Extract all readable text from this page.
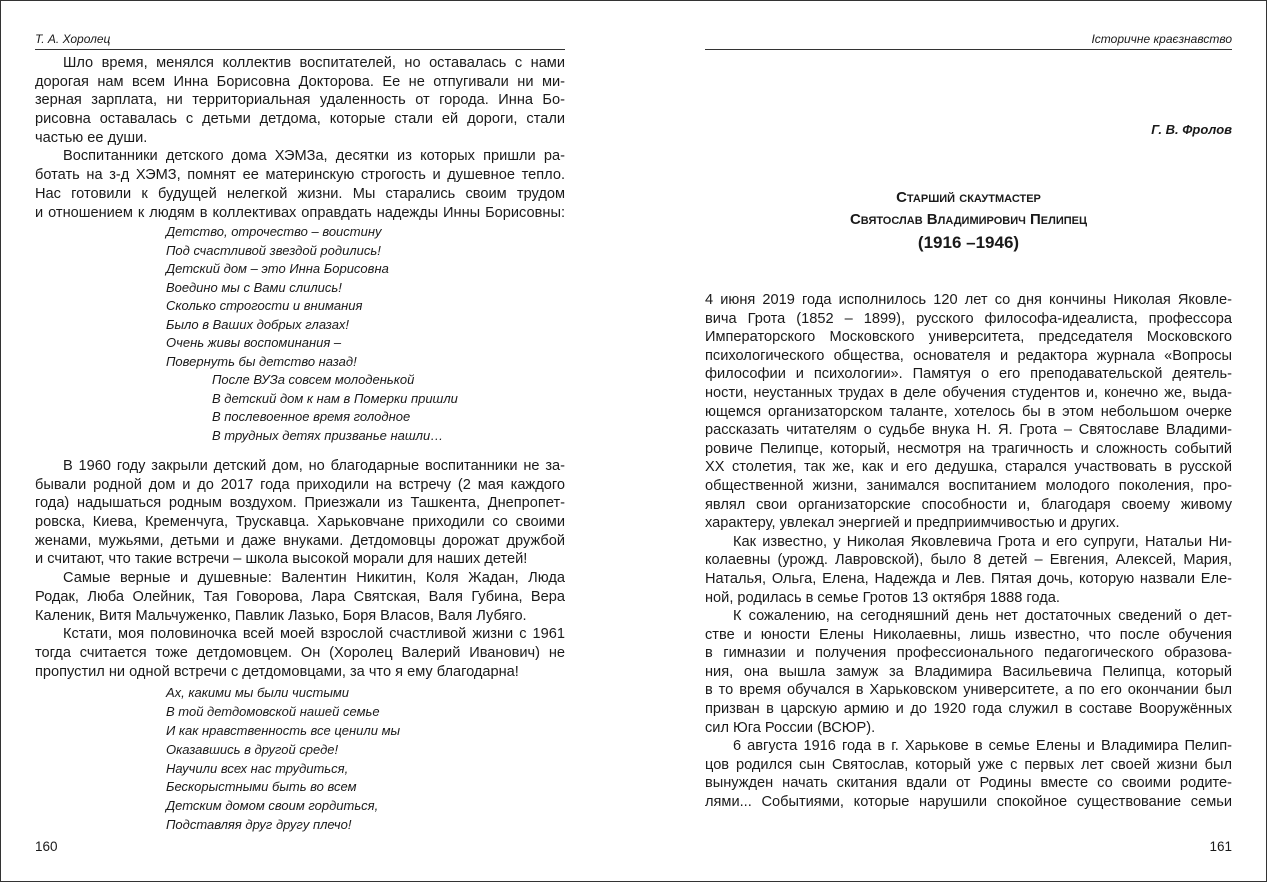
Т. А. Хоролец
Шло время, менялся коллектив воспитателей, но оставалась с нами
дорогая нам всем Инна Борисовна Докторова. Ее не отпугивали ни ми-
зерная зарплата, ни территориальная удаленность от города. Инна Бо-
рисовна оставалась с детьми детдома, которые стали ей дороги, стали
частью ее души.
Воспитанники детского дома ХЭМЗа, десятки из которых пришли ра-
ботать на з-д ХЭМЗ, помнят ее материнскую строгость и душевное тепло.
Нас готовили к будущей нелегкой жизни. Мы старались своим трудом
и отношением к людям в коллективах оправдать надежды Инны Борисовны:
Детство, отрочество – воистину
Под счастливой звездой родились!
Детский дом – это Инна Борисовна
Воедино мы с Вами слились!
Сколько строгости и внимания
Было в Ваших добрых глазах!
Очень живы воспоминания –
Повернуть бы детство назад!
После ВУЗа совсем молоденькой
В детский дом к нам в Померки пришли
В послевоенное время голодное
В трудных детях призванье нашли…
В 1960 году закрыли детский дом, но благодарные воспитанники не за-
бывали родной дом и до 2017 года приходили на встречу (2 мая каждого
года) надышаться родным воздухом. Приезжали из Ташкента, Днепропет-
ровска, Киева, Кременчуга, Трускавца. Харьковчане приходили со своими
женами, мужьями, детьми и даже внуками. Детдомовцы дорожат дружбой
и считают, что такие встречи – школа высокой морали для наших детей!
Самые верные и душевные: Валентин Никитин, Коля Жадан, Люда
Родак, Люба Олейник, Тая Говорова, Лара Святская, Валя Губина, Вера
Каленик, Витя Мальчуженко, Павлик Лазько, Боря Власов, Валя Лубяго.
Кстати, моя половиночка всей моей взрослой счастливой жизни с 1961
тогда считается тоже детдомовцем. Он (Хоролец Валерий Иванович) не
пропустил ни одной встречи с детдомовцами, за что я ему благодарна!
Ах, какими мы были чистыми
В той детдомовской нашей семье
И как нравственность все ценили мы
Оказавшись в другой среде!
Научили всех нас трудиться,
Бескорыстными быть во всем
Детским домом своим гордиться,
Подставляя друг другу плечо!
160
Історичне краєзнавство
Г. В. Фролов
Старший скаутмастер
Святослав Владимирович Пелипец
(1916 –1946)
4 июня 2019 года исполнилось 120 лет со дня кончины Николая Яковле-
вича Грота (1852 – 1899), русского философа-идеалиста, профессора
Императорского Московского университета, председателя Московского
психологического общества, основателя и редактора журнала «Вопросы
философии и психологии». Памятуя о его преподавательской деятель-
ности, неустанных трудах в деле обучения студентов и, конечно же, выда-
ющемся организаторском таланте, хотелось бы в этом небольшом очерке
рассказать читателям о судьбе внука Н. Я. Грота – Святославе Владими-
ровиче Пелипце, который, несмотря на трагичность и сложность событий
XX столетия, так же, как и его дедушка, старался участвовать в русской
общественной жизни, занимался воспитанием молодого поколения, про-
являл свои организаторские способности и, благодаря своему живому
характеру, увлекал энергией и предприимчивостью и других.
Как известно, у Николая Яковлевича Грота и его супруги, Натальи Ни-
колаевны (урожд. Лавровской), было 8 детей – Евгения, Алексей, Мария,
Наталья, Ольга, Елена, Надежда и Лев. Пятая дочь, которую назвали Еле-
ной, родилась в семье Гротов 13 октября 1888 года.
К сожалению, на сегодняшний день нет достаточных сведений о дет-
стве и юности Елены Николаевны, лишь известно, что после обучения
в гимназии и получения профессионального педагогического образова-
ния, она вышла замуж за Владимира Васильевича Пелипца, который
в то время обучался в Харьковском университете, а по его окончании был
призван в царскую армию и до 1920 года служил в составе Вооружённых
сил Юга России (ВСЮР).
6 августа 1916 года в г. Харькове в семье Елены и Владимира Пелип-
цов родился сын Святослав, который уже с первых лет своей жизни был
вынужден начать скитания вдали от Родины вместе со своими родите-
лями... Событиями, которые нарушили спокойное существование семьи
161
